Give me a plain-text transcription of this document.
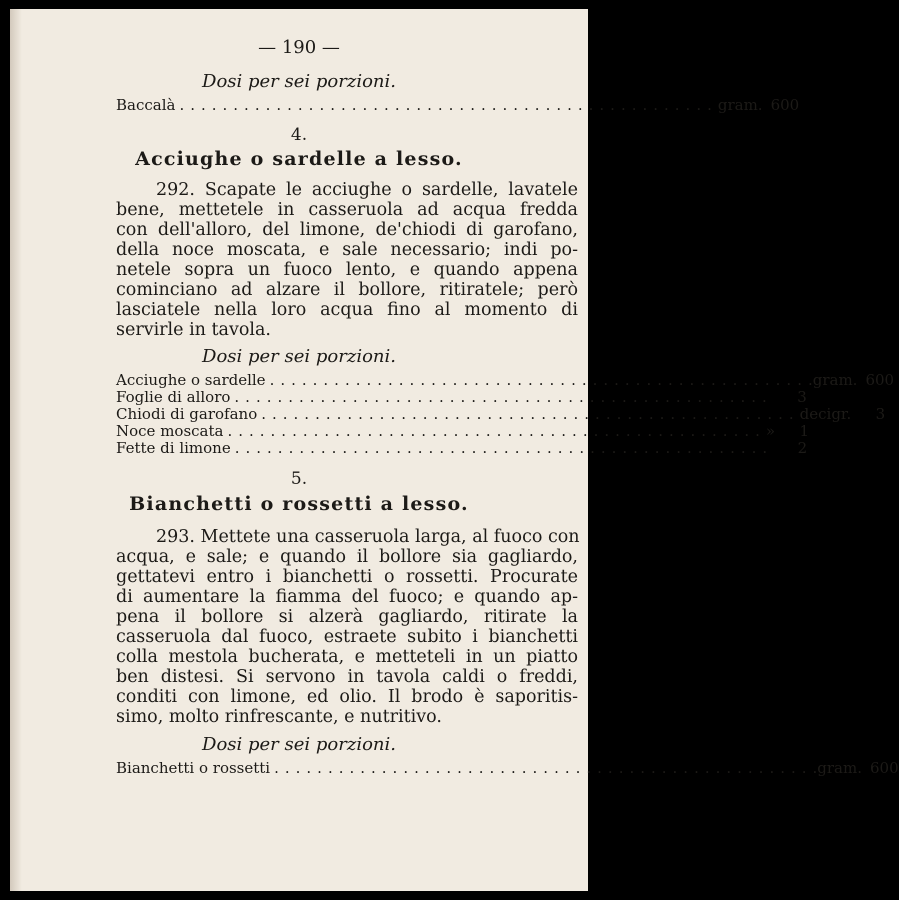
— 190 —
Dosi per sei porzioni.
Baccalà .................................................. gram. 600
4.
Acciughe o sardelle a lesso.
292. Scapate le acciughe o sardelle, lavatele
bene, mettetele in casseruola ad acqua fredda
con dell'alloro, del limone, de'chiodi di garofano,
della noce moscata, e sale necessario; indi po-
netele sopra un fuoco lento, e quando appena
cominciano ad alzare il bollore, ritiratele; però
lasciatele nella loro acqua fino al momento di
servirle in tavola.
Dosi per sei porzioni.
Acciughe o sardelle .................................................. .gram. 600
Foglie di alloro ..................................................	3
Chiodi di garofano .................................................. decigr.	3
Noce moscata .................................................. »	1
Fette di limone ..................................................	2
5.
Bianchetti o rossetti a lesso.
293. Mettete una casseruola larga, al fuoco con
acqua, e sale; e quando il bollore sia gagliardo,
gettatevi entro i bianchetti o rossetti. Procurate
di aumentare la fiamma del fuoco; e quando ap-
pena il bollore si alzerà gagliardo, ritirate la
casseruola dal fuoco, estraete subito i bianchetti
colla mestola bucherata, e metteteli in un piatto
ben distesi. Si servono in tavola caldi o freddi,
conditi con limone, ed olio. Il brodo è saporitis-
simo, molto rinfrescante, e nutritivo.
Dosi per sei porzioni.
Bianchetti o rossetti .................................................. .gram. 600
